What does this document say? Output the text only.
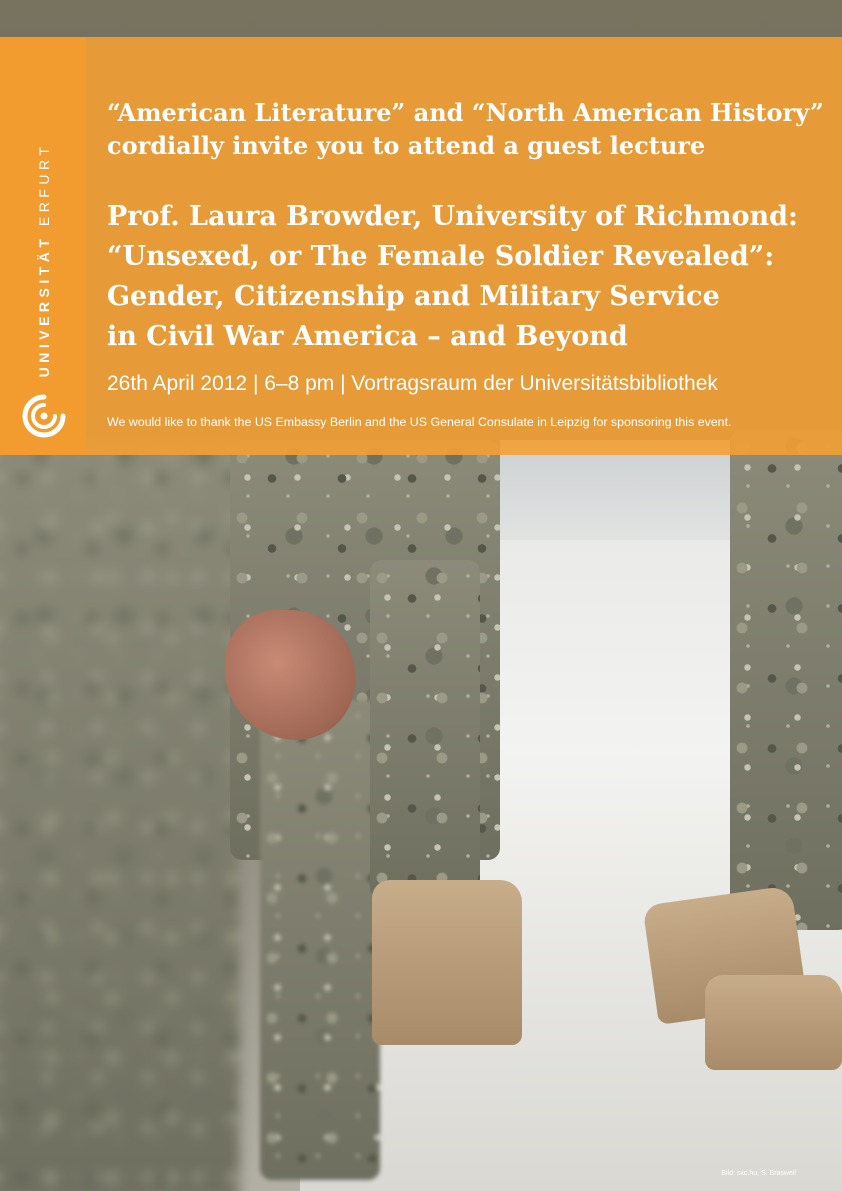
UNIVERSITÄT ERFURT

“American Literature” and “North American History”
cordially invite you to attend a guest lecture

Prof. Laura Browder, University of Richmond:
“Unsexed, or The Female Soldier Revealed”:
Gender, Citizenship and Military Service
in Civil War America – and Beyond

26th April 2012 | 6–8 pm | Vortragsraum der Universitätsbibliothek

We would like to thank the US Embassy Berlin and the US General Consulate in Leipzig for sponsoring this event.

Bild: sxc.hu, S. Braswell
